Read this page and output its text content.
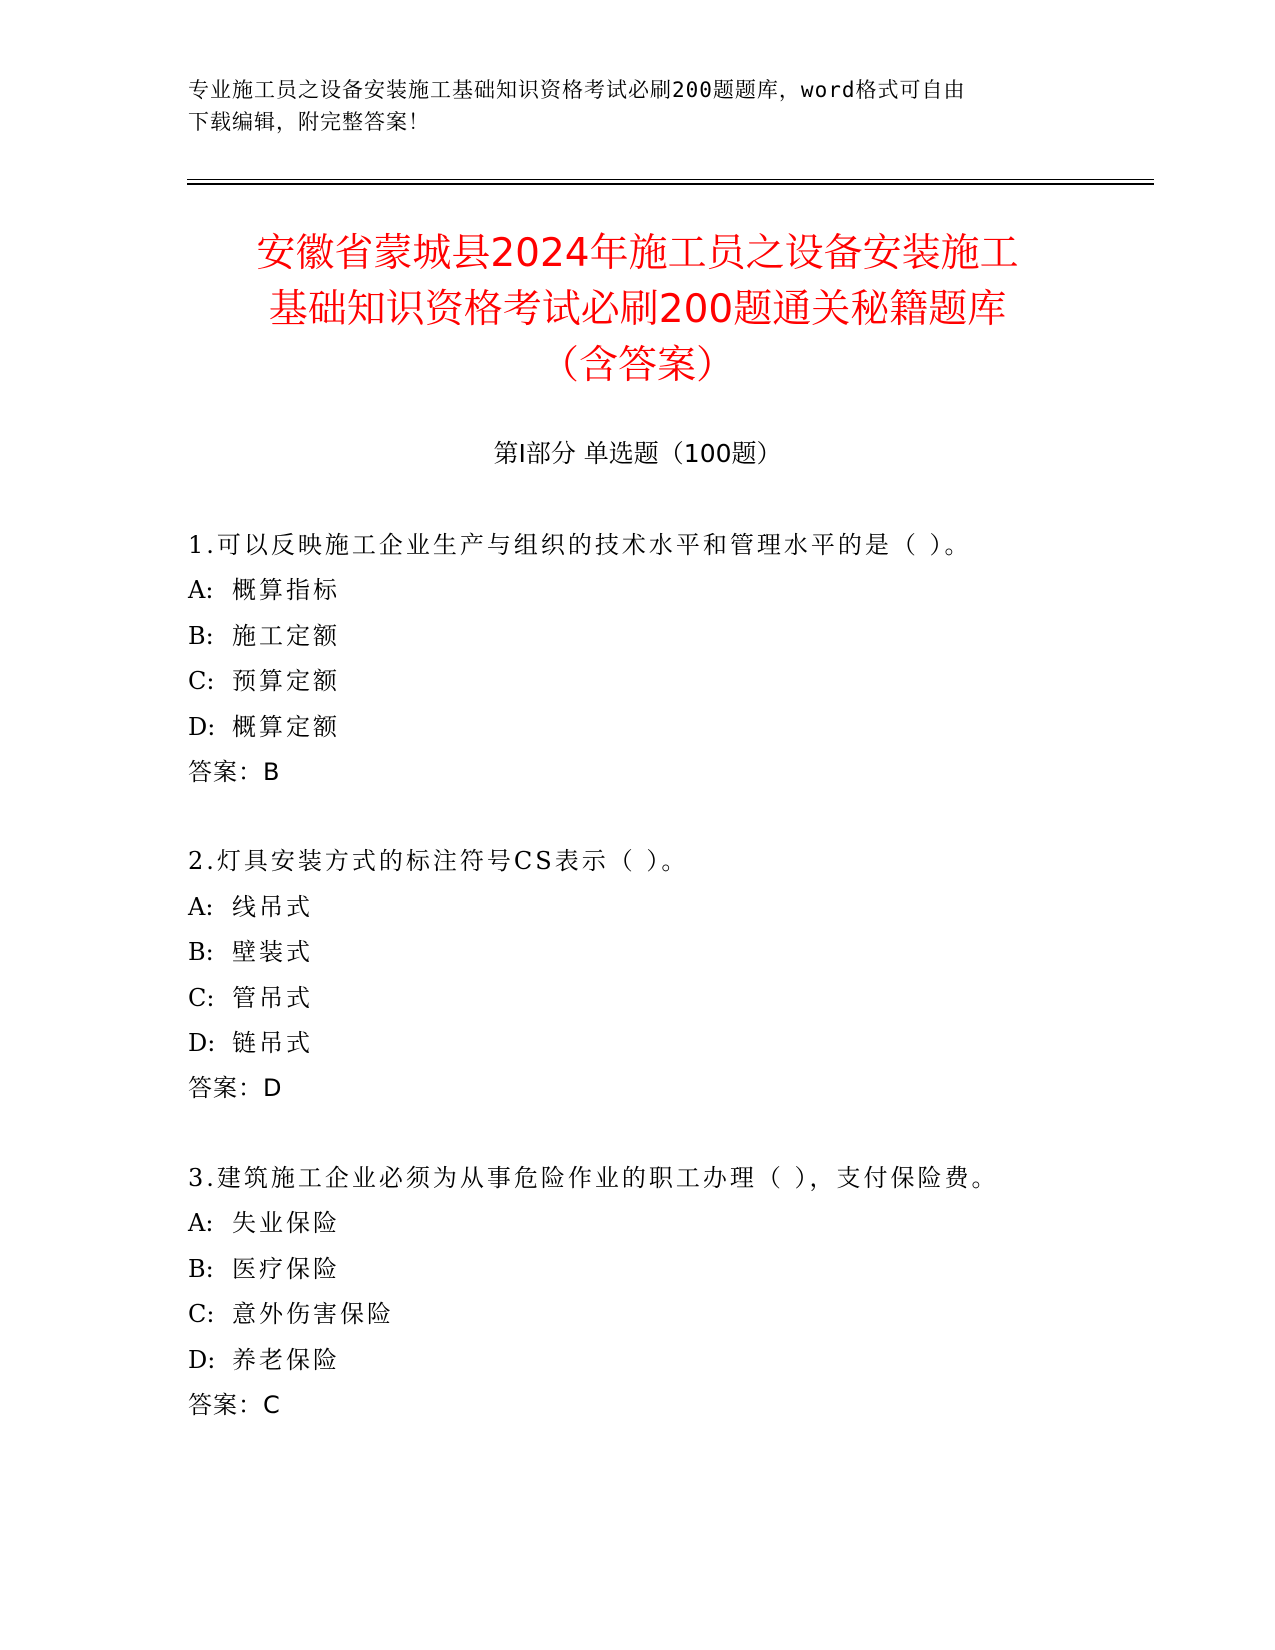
专业施工员之设备安装施工基础知识资格考试必刷200题题库，word格式可自由
下载编辑，附完整答案！
安徽省蒙城县2024年施工员之设备安装施工
基础知识资格考试必刷200题通关秘籍题库
（含答案）
第Ⅰ部分 单选题（100题）
1.可以反映施工企业生产与组织的技术水平和管理水平的是（ ）。
A: 概算指标
B: 施工定额
C: 预算定额
D: 概算定额
答案：B
2.灯具安装方式的标注符号CS表示（ ）。
A: 线吊式
B: 壁装式
C: 管吊式
D: 链吊式
答案：D
3.建筑施工企业必须为从事危险作业的职工办理（ ），支付保险费。
A: 失业保险
B: 医疗保险
C: 意外伤害保险
D: 养老保险
答案：C
